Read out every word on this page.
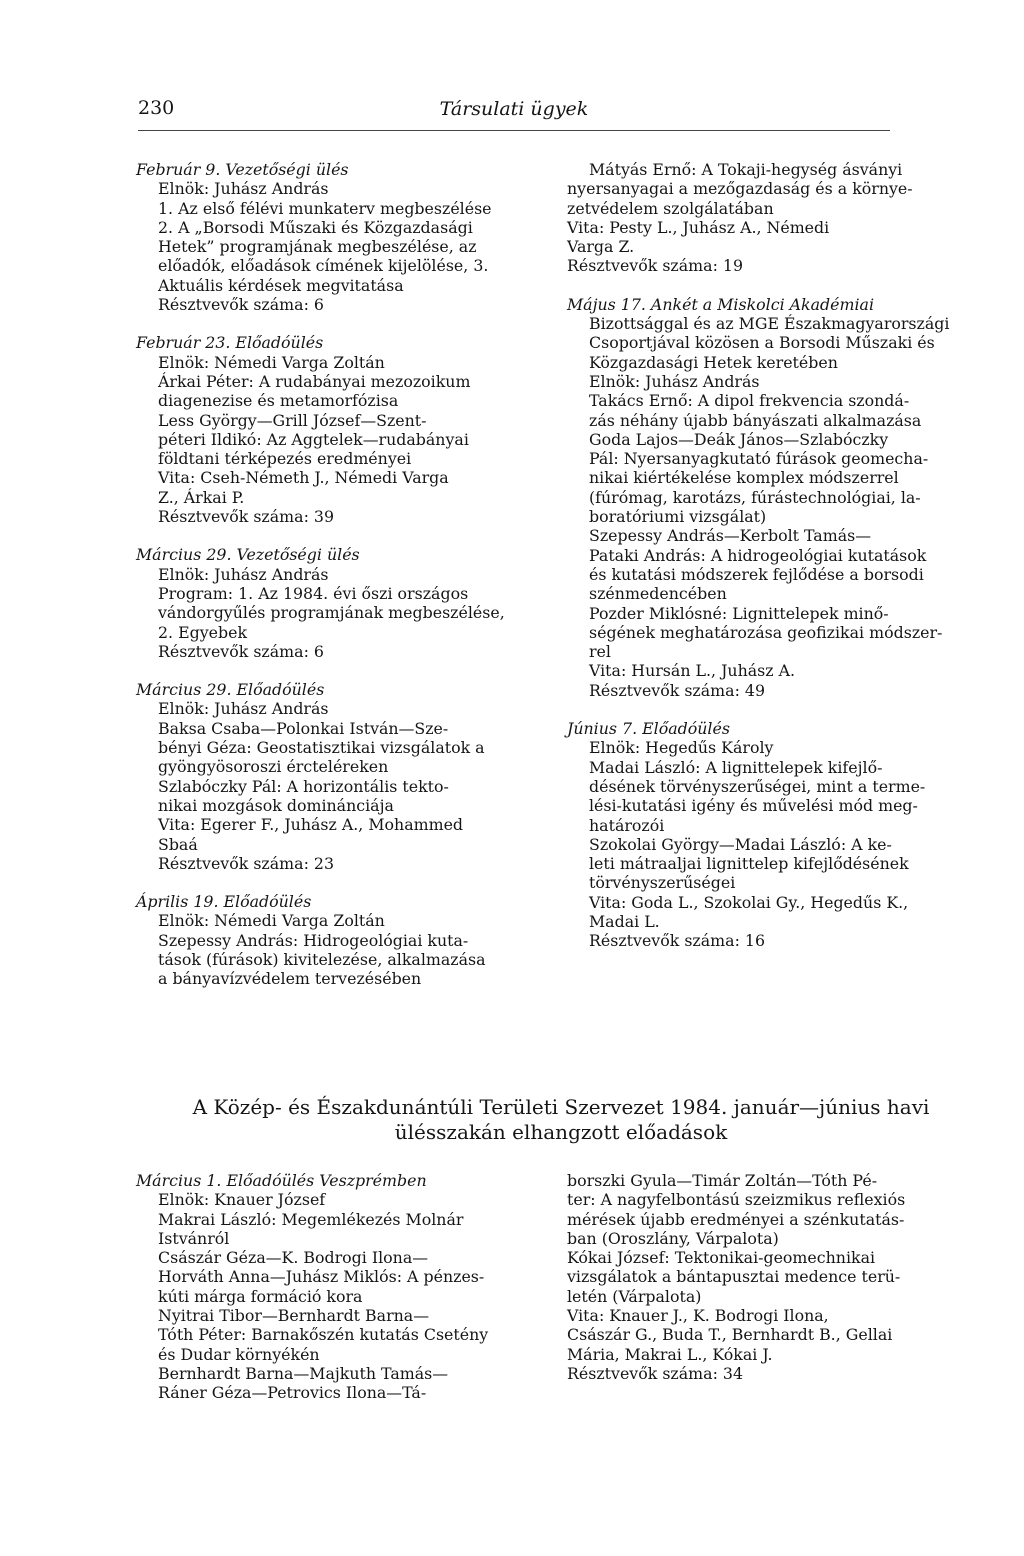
230	Társulati ügyek
Február 9. Vezetőségi ülés
Elnök: Juhász András
1. Az első félévi munkaterv megbeszélése
2. A „Borsodi Műszaki és Közgazdasági
Hetek” programjának megbeszélése, az
előadók, előadások címének kijelölése, 3.
Aktuális kérdések megvitatása
Résztvevők száma: 6
Február 23. Előadóülés
Elnök: Némedi Varga Zoltán
Árkai Péter: A rudabányai mezozoikum
diagenezise és metamorfózisa
Less György—Grill József—Szent-
péteri Ildikó: Az Aggtelek—rudabányai
földtani térképezés eredményei
Vita: Cseh-Németh J., Némedi Varga
Z., Árkai P.
Résztvevők száma: 39
Március 29. Vezetőségi ülés
Elnök: Juhász András
Program: 1. Az 1984. évi őszi országos
vándorgyűlés programjának megbeszélése,
2. Egyebek
Résztvevők száma: 6
Március 29. Előadóülés
Elnök: Juhász András
Baksa Csaba—Polonkai István—Sze-
bényi Géza: Geostatisztikai vizsgálatok a
gyöngyösoroszi ércteléreken
Szlabóczky Pál: A horizontális tekto-
nikai mozgások dominánciája
Vita: Egerer F., Juhász A., Mohammed
Sbaá
Résztvevők száma: 23
Április 19. Előadóülés
Elnök: Némedi Varga Zoltán
Szepessy András: Hidrogeológiai kuta-
tások (fúrások) kivitelezése, alkalmazása
a bányavízvédelem tervezésében
Mátyás Ernő: A Tokaji-hegység ásványi
nyersanyagai a mezőgazdaság és a környe-
zetvédelem szolgálatában
Vita: Pesty L., Juhász A., Némedi
Varga Z.
Résztvevők száma: 19
Május 17. Ankét a Miskolci Akadémiai
Bizottsággal és az MGE Északmagyarországi
Csoportjával közösen a Borsodi Műszaki és
Közgazdasági Hetek keretében
Elnök: Juhász András
Takács Ernő: A dipol frekvencia szondá-
zás néhány újabb bányászati alkalmazása
Goda Lajos—Deák János—Szlabóczky
Pál: Nyersanyagkutató fúrások geomecha-
nikai kiértékelése komplex módszerrel
(fúrómag, karotázs, fúrástechnológiai, la-
boratóriumi vizsgálat)
Szepessy András—Kerbolt Tamás—
Pataki András: A hidrogeológiai kutatások
és kutatási módszerek fejlődése a borsodi
szénmedencében
Pozder Miklósné: Lignittelepek minő-
ségének meghatározása geofizikai módszer-
rel
Vita: Hursán L., Juhász A.
Résztvevők száma: 49
Június 7. Előadóülés
Elnök: Hegedűs Károly
Madai László: A lignittelepek kifejlő-
désének törvényszerűségei, mint a terme-
lési-kutatási igény és művelési mód meg-
határozói
Szokolai György—Madai László: A ke-
leti mátraaljai lignittelep kifejlődésének
törvényszerűségei
Vita: Goda L., Szokolai Gy., Hegedűs K.,
Madai L.
Résztvevők száma: 16
A Közép- és Északdunántúli Területi Szervezet 1984. január—június havi
ülésszakán elhangzott előadások
Március 1. Előadóülés Veszprémben
Elnök: Knauer József
Makrai László: Megemlékezés Molnár
Istvánról
Császár Géza—K. Bodrogi Ilona—
Horváth Anna—Juhász Miklós: A pénzes-
kúti márga formáció kora
Nyitrai Tibor—Bernhardt Barna—
Tóth Péter: Barnakőszén kutatás Csetény
és Dudar környékén
Bernhardt Barna—Majkuth Tamás—
Ráner Géza—Petrovics Ilona—Tá-
borszki Gyula—Timár Zoltán—Tóth Pé-
ter: A nagyfelbontású szeizmikus reflexiós
mérések újabb eredményei a szénkutatás-
ban (Oroszlány, Várpalota)
Kókai József: Tektonikai-geomechnikai
vizsgálatok a bántapusztai medence terü-
letén (Várpalota)
Vita: Knauer J., K. Bodrogi Ilona,
Császár G., Buda T., Bernhardt B., Gellai
Mária, Makrai L., Kókai J.
Résztvevők száma: 34
